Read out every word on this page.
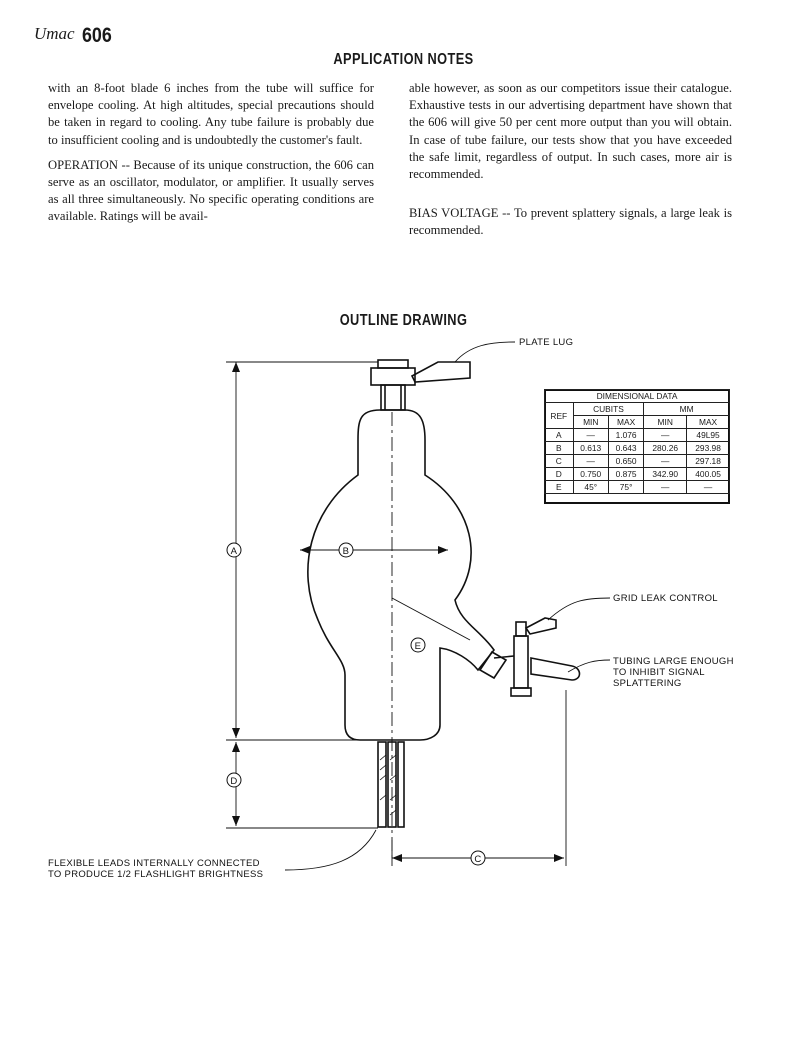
Umac 606
APPLICATION NOTES

with an 8-foot blade 6 inches from the tube will suffice for envelope cooling. At high altitudes, special precautions should be taken in regard to cooling. Any tube failure is probably due to insufficient cooling and is undoubtedly the customer's fault.

OPERATION -- Because of its unique construction, the 606 can serve as an oscillator, modulator, or amplifier. It usually serves as all three simultaneously. No specific operating conditions are available. Ratings will be avail-

able however, as soon as our competitors issue their catalogue. Exhaustive tests in our advertising department have shown that the 606 will give 50 per cent more output than you will obtain. In case of tube failure, our tests show that you have exceeded the safe limit, regardless of output. In such cases, more air is recommended.

BIAS VOLTAGE -- To prevent splattery signals, a large leak is recommended.

OUTLINE DRAWING
A	B
D
E
C
PLATE LUG
GRID LEAK CONTROL
TUBING LARGE ENOUGH
TO INHIBIT SIGNAL
SPLATTERING
FLEXIBLE LEADS INTERNALLY CONNECTED
TO PRODUCE 1/2 FLASHLIGHT BRIGHTNESS
DIMENSIONAL DATA				
REF	CUBITS		MM	
	MIN	MAX	MIN	MAX
A	—	1.076	—	49L95
B	0.613	0.643	280.26	293.98
C	—	0.650	—	297.18
D	0.750	0.875	342.90	400.05
E	45°	75°	—	—
